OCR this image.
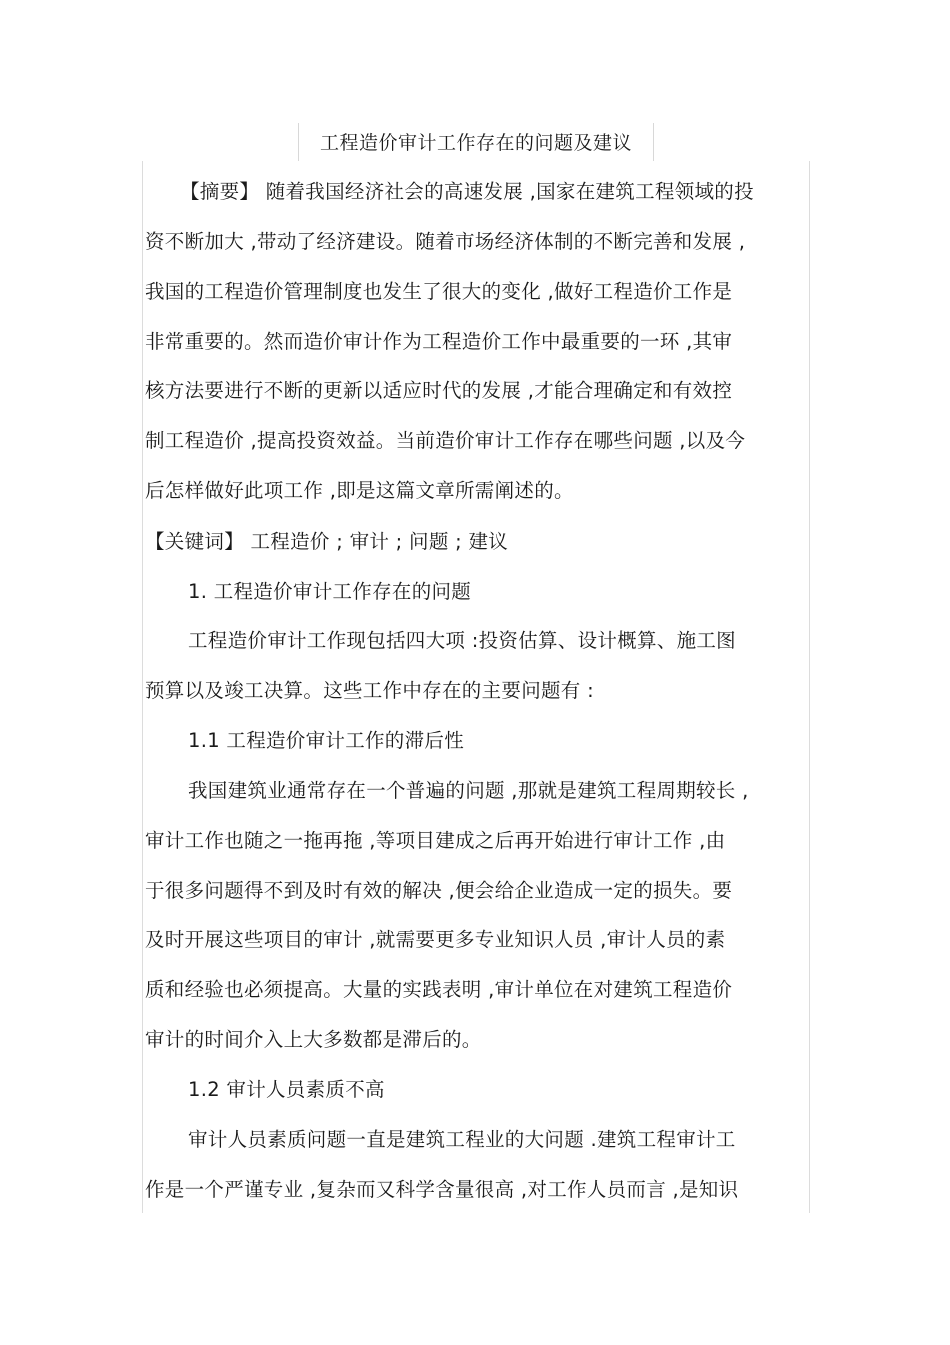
工程造价审计工作存在的问题及建议
【摘要】 随着我国经济社会的高速发展 ,国家在建筑工程领域的投
资不断加大 ,带动了经济建设。随着市场经济体制的不断完善和发展 ,
我国的工程造价管理制度也发生了很大的变化 ,做好工程造价工作是
非常重要的。然而造价审计作为工程造价工作中最重要的一环 ,其审
核方法要进行不断的更新以适应时代的发展 ,才能合理确定和有效控
制工程造价 ,提高投资效益。当前造价审计工作存在哪些问题 ,以及今
后怎样做好此项工作 ,即是这篇文章所需阐述的。
【关键词】 工程造价 ; 审计 ; 问题 ; 建议
1. 工程造价审计工作存在的问题
工程造价审计工作现包括四大项 :投资估算、设计概算、施工图
预算以及竣工决算。这些工作中存在的主要问题有 :
1.1 工程造价审计工作的滞后性
我国建筑业通常存在一个普遍的问题 ,那就是建筑工程周期较长 ,
审计工作也随之一拖再拖 ,等项目建成之后再开始进行审计工作 ,由
于很多问题得不到及时有效的解决 ,便会给企业造成一定的损失。要
及时开展这些项目的审计 ,就需要更多专业知识人员 ,审计人员的素
质和经验也必须提高。大量的实践表明 ,审计单位在对建筑工程造价
审计的时间介入上大多数都是滞后的。
1.2 审计人员素质不高
审计人员素质问题一直是建筑工程业的大问题 .建筑工程审计工
作是一个严谨专业 ,复杂而又科学含量很高 ,对工作人员而言 ,是知识
